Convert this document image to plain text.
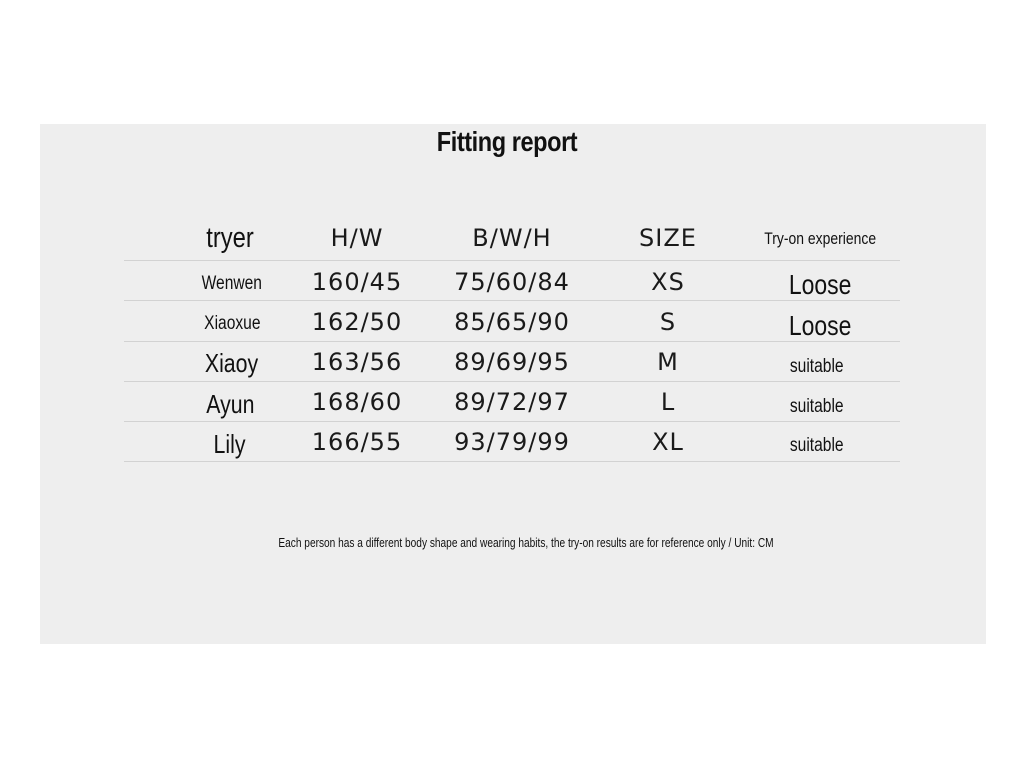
Fitting report
tryer	H/W	B/W/H	SIZE	Try-on experience
Wenwen	160/45	75/60/84	XS	Loose
Xiaoxue	162/50	85/65/90	S	Loose
Xiaoy	163/56	89/69/95	M	suitable
Ayun	168/60	89/72/97	L	suitable
Lily	166/55	93/79/99	XL	suitable
Each person has a different body shape and wearing habits, the try-on results are for reference only / Unit: CM
